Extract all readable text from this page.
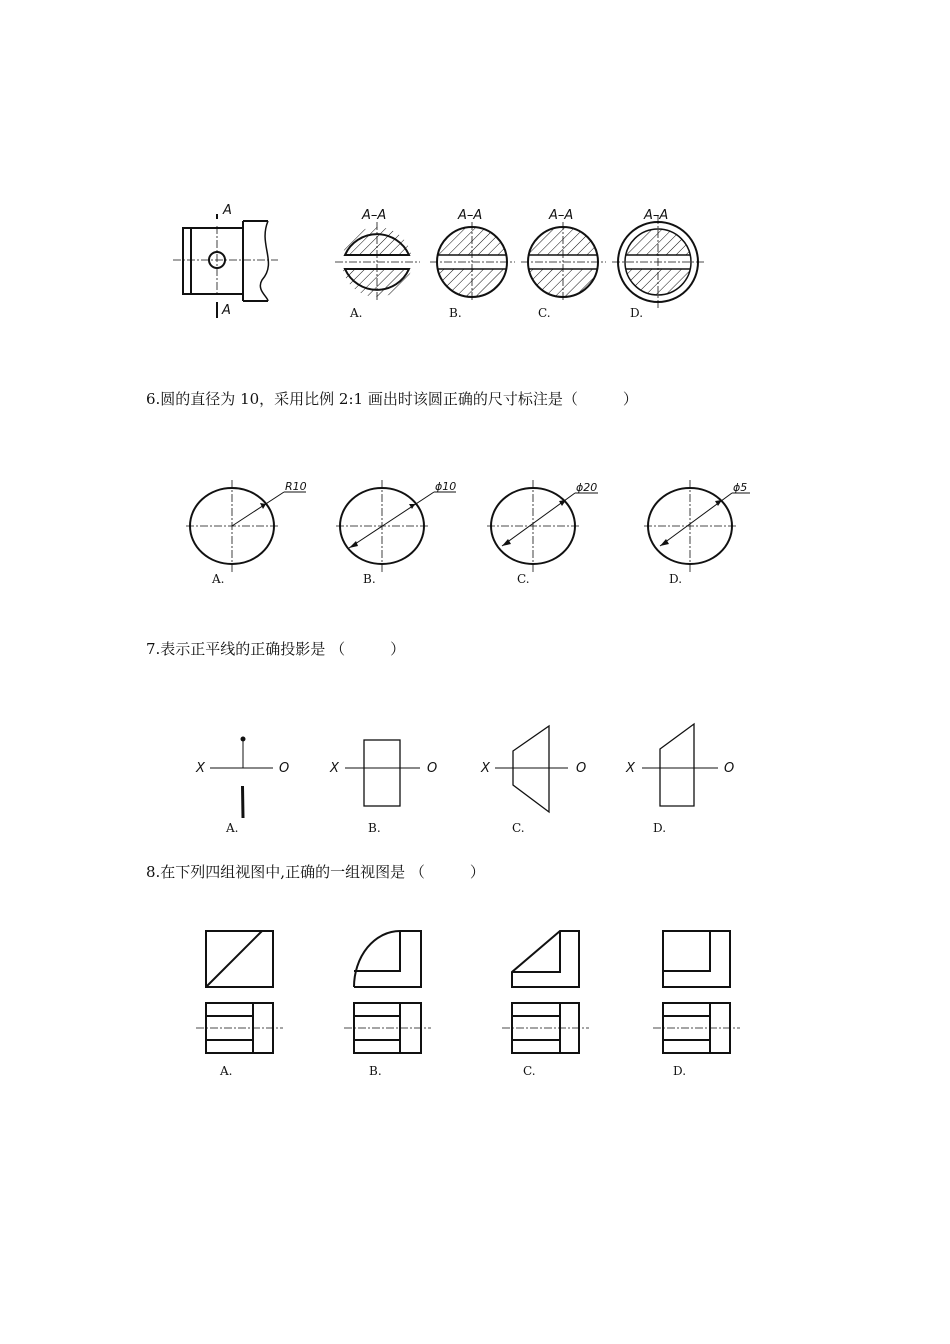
6.圆的直径为 10，采用比例 2:1 画出时该圆正确的尺寸标注是（　　　）
7.表示正平线的正确投影是 （　　　）
8.在下列四组视图中,正确的一组视图是 （　　　）
A
A
A–A	A–A	A–A	A–A
A.	B.	C.	D.
R10	ϕ10	ϕ20	ϕ5
A.	B.	C.	D.
X	O	X	O	X	O	X	O
A.	B.	C.	D.
A.	B.	C.	D.
